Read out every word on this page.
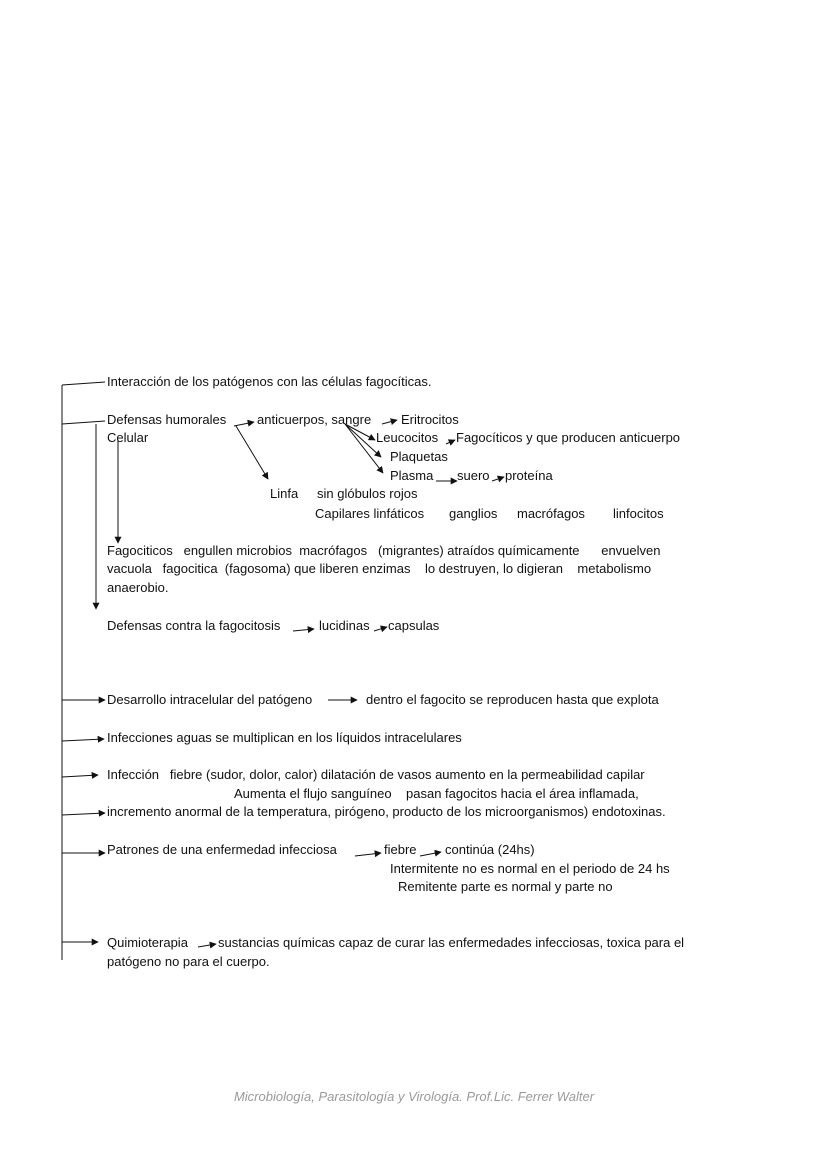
Interacción de los patógenos con las células fagocíticas.
Defensas humorales anticuerpos, sangre Eritrocitos
Celular	Leucocitos Fagocíticos y que producen anticuerpo
Plaquetas
Plasma suero proteína
Linfa sin glóbulos rojos
Capilares linfáticos ganglios macrófagos linfocitos
Fagociticos   engullen microbios  macrófagos   (migrantes) atraídos químicamente      envuelven
vacuola   fagocitica  (fagosoma) que liberen enzimas    lo destruyen, lo digieran    metabolismo
anaerobio.
Defensas contra la fagocitosis	lucidinas capsulas
Desarrollo intracelular del patógeno	dentro el fagocito se reproducen hasta que explota
Infecciones aguas se multiplican en los líquidos intracelulares
Infección   fiebre (sudor, dolor, calor) dilatación de vasos aumento en la permeabilidad capilar
Aumenta el flujo sanguíneo    pasan fagocitos hacia el área inflamada,
incremento anormal de la temperatura, pirógeno, producto de los microorganismos) endotoxinas.
Patrones de una enfermedad infecciosa	fiebre continúa (24hs)
Intermitente no es normal en el periodo de 24 hs
Remitente parte es normal y parte no
Quimioterapia sustancias químicas capaz de curar las enfermedades infecciosas, toxica para el
patógeno no para el cuerpo.
Microbiología, Parasitología y Virología. Prof.Lic. Ferrer Walter
